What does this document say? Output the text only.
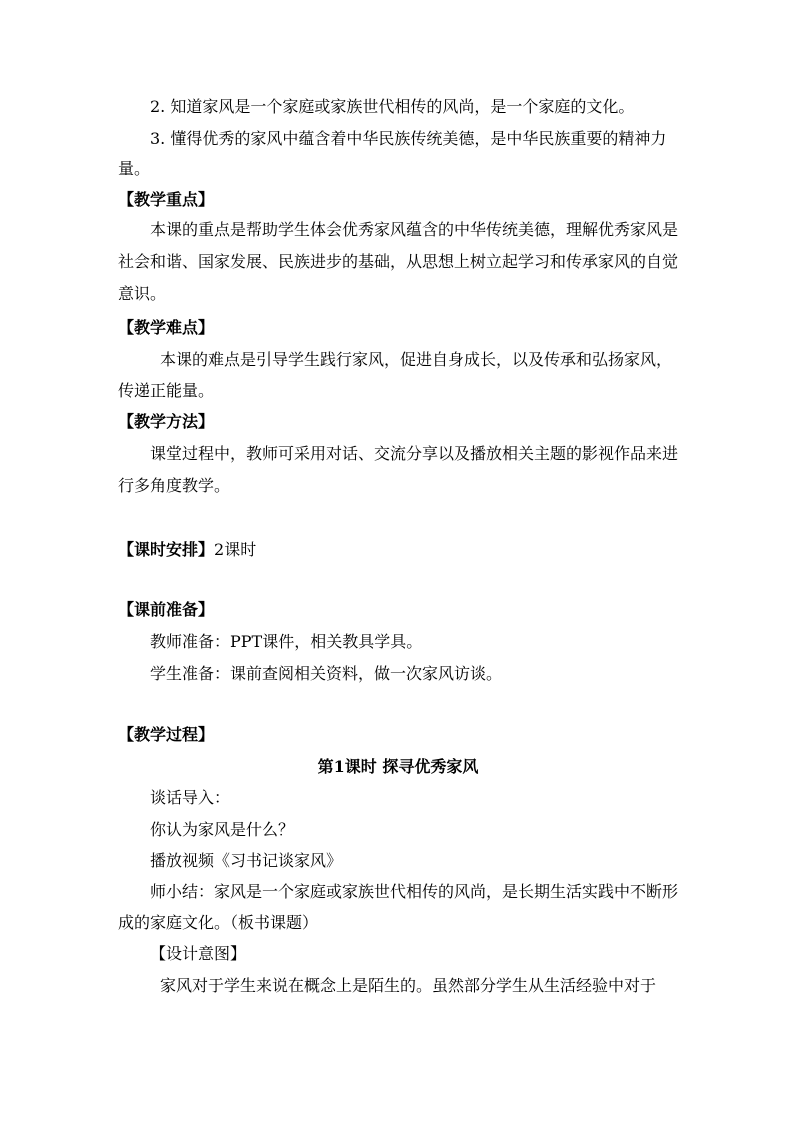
2. 知道家风是一个家庭或家族世代相传的风尚，是一个家庭的文化。
3. 懂得优秀的家风中蕴含着中华民族传统美德，是中华民族重要的精神力
量。
【教学重点】
本课的重点是帮助学生体会优秀家风蕴含的中华传统美德，理解优秀家风是
社会和谐、国家发展、民族进步的基础，从思想上树立起学习和传承家风的自觉
意识。
【教学难点】
本课的难点是引导学生践行家风，促进自身成长，以及传承和弘扬家风，
传递正能量。
【教学方法】
课堂过程中，教师可采用对话、交流分享以及播放相关主题的影视作品来进
行多角度教学。
【课时安排】2课时
【课前准备】
教师准备：PPT课件，相关教具学具。
学生准备：课前查阅相关资料，做一次家风访谈。
【教学过程】
第1课时 探寻优秀家风
谈话导入：
你认为家风是什么？
播放视频《习书记谈家风》
师小结：家风是一个家庭或家族世代相传的风尚，是长期生活实践中不断形
成的家庭文化。（板书课题）
【设计意图】
家风对于学生来说在概念上是陌生的。虽然部分学生从生活经验中对于
